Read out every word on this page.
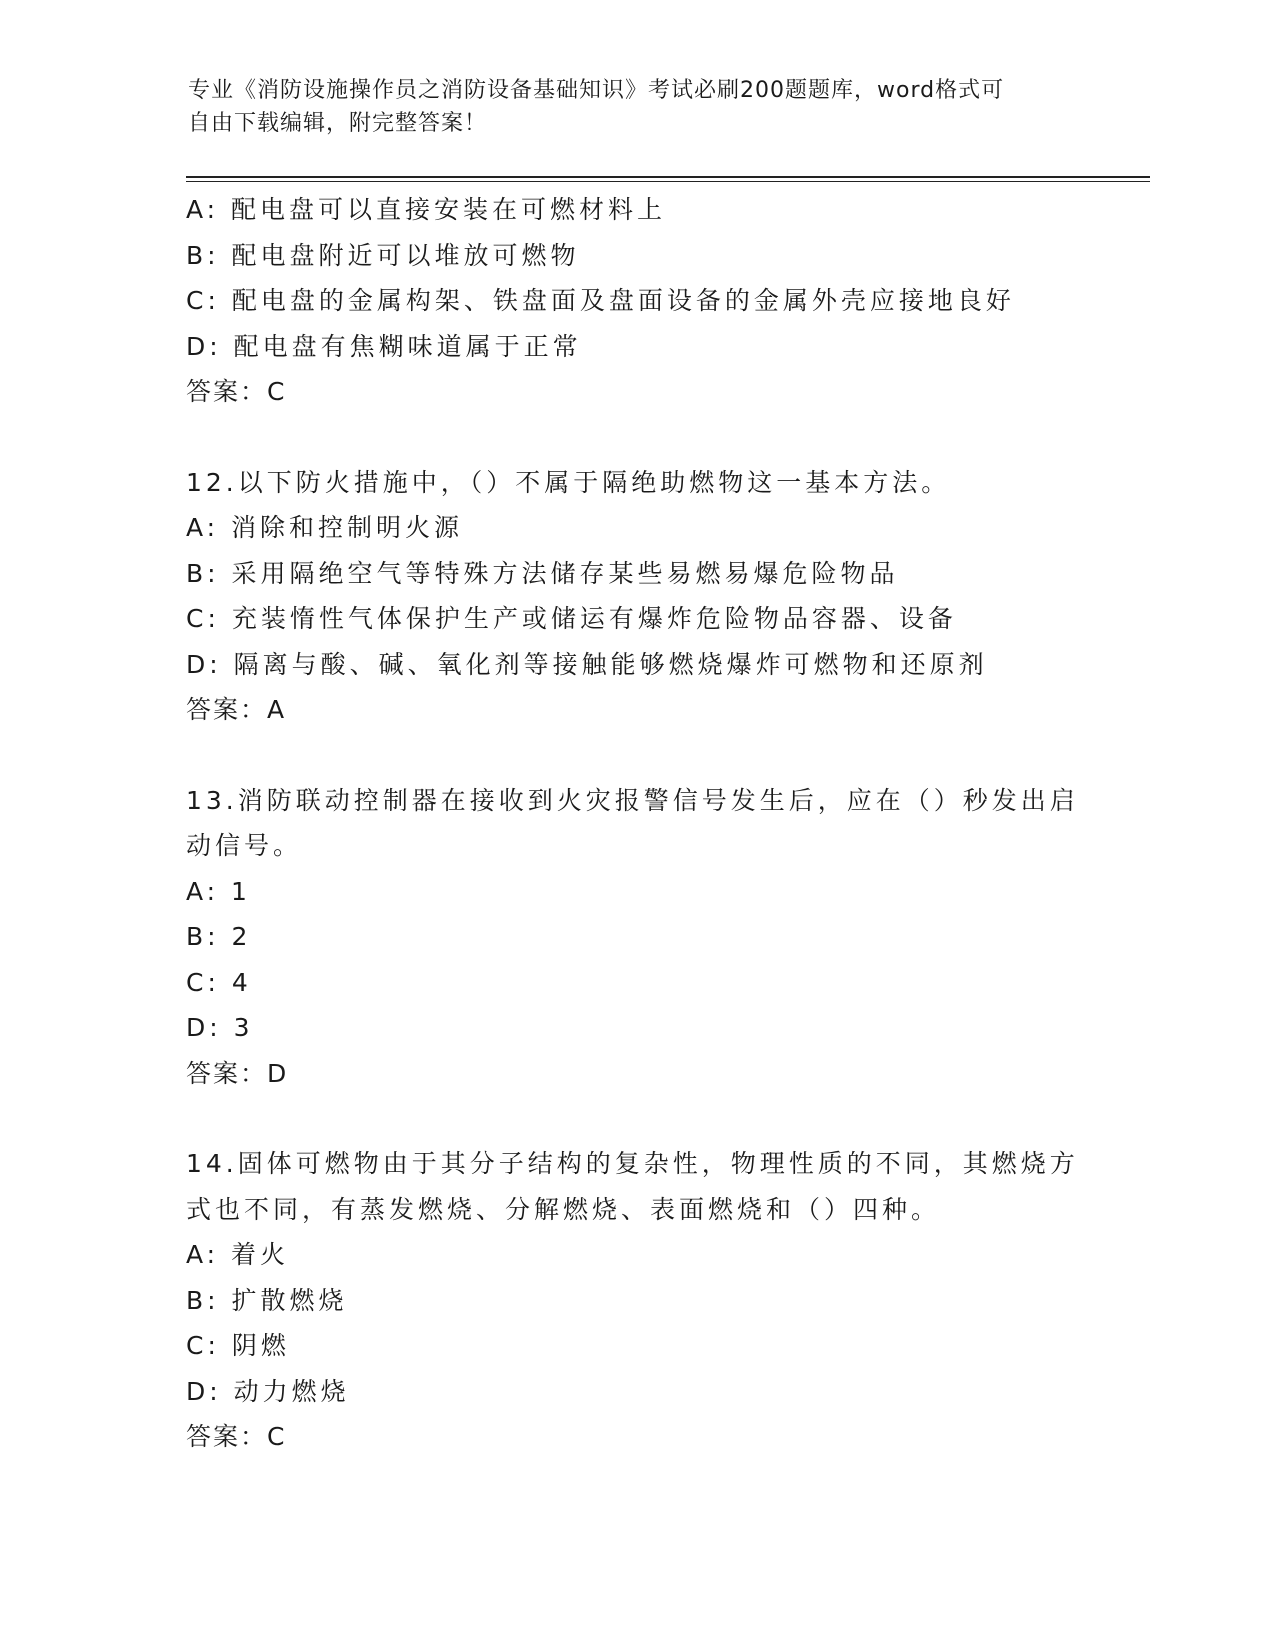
专业《消防设施操作员之消防设备基础知识》考试必刷200题题库，word格式可
自由下载编辑，附完整答案！
A: 配电盘可以直接安装在可燃材料上
B: 配电盘附近可以堆放可燃物
C: 配电盘的金属构架、铁盘面及盘面设备的金属外壳应接地良好
D: 配电盘有焦糊味道属于正常
答案：C
12.以下防火措施中，（）不属于隔绝助燃物这一基本方法。
A: 消除和控制明火源
B: 采用隔绝空气等特殊方法储存某些易燃易爆危险物品
C: 充装惰性气体保护生产或储运有爆炸危险物品容器、设备
D: 隔离与酸、碱、氧化剂等接触能够燃烧爆炸可燃物和还原剂
答案：A
13.消防联动控制器在接收到火灾报警信号发生后，应在（）秒发出启
动信号。
A: 1
B: 2
C: 4
D: 3
答案：D
14.固体可燃物由于其分子结构的复杂性，物理性质的不同，其燃烧方
式也不同，有蒸发燃烧、分解燃烧、表面燃烧和（）四种。
A: 着火
B: 扩散燃烧
C: 阴燃
D: 动力燃烧
答案：C
